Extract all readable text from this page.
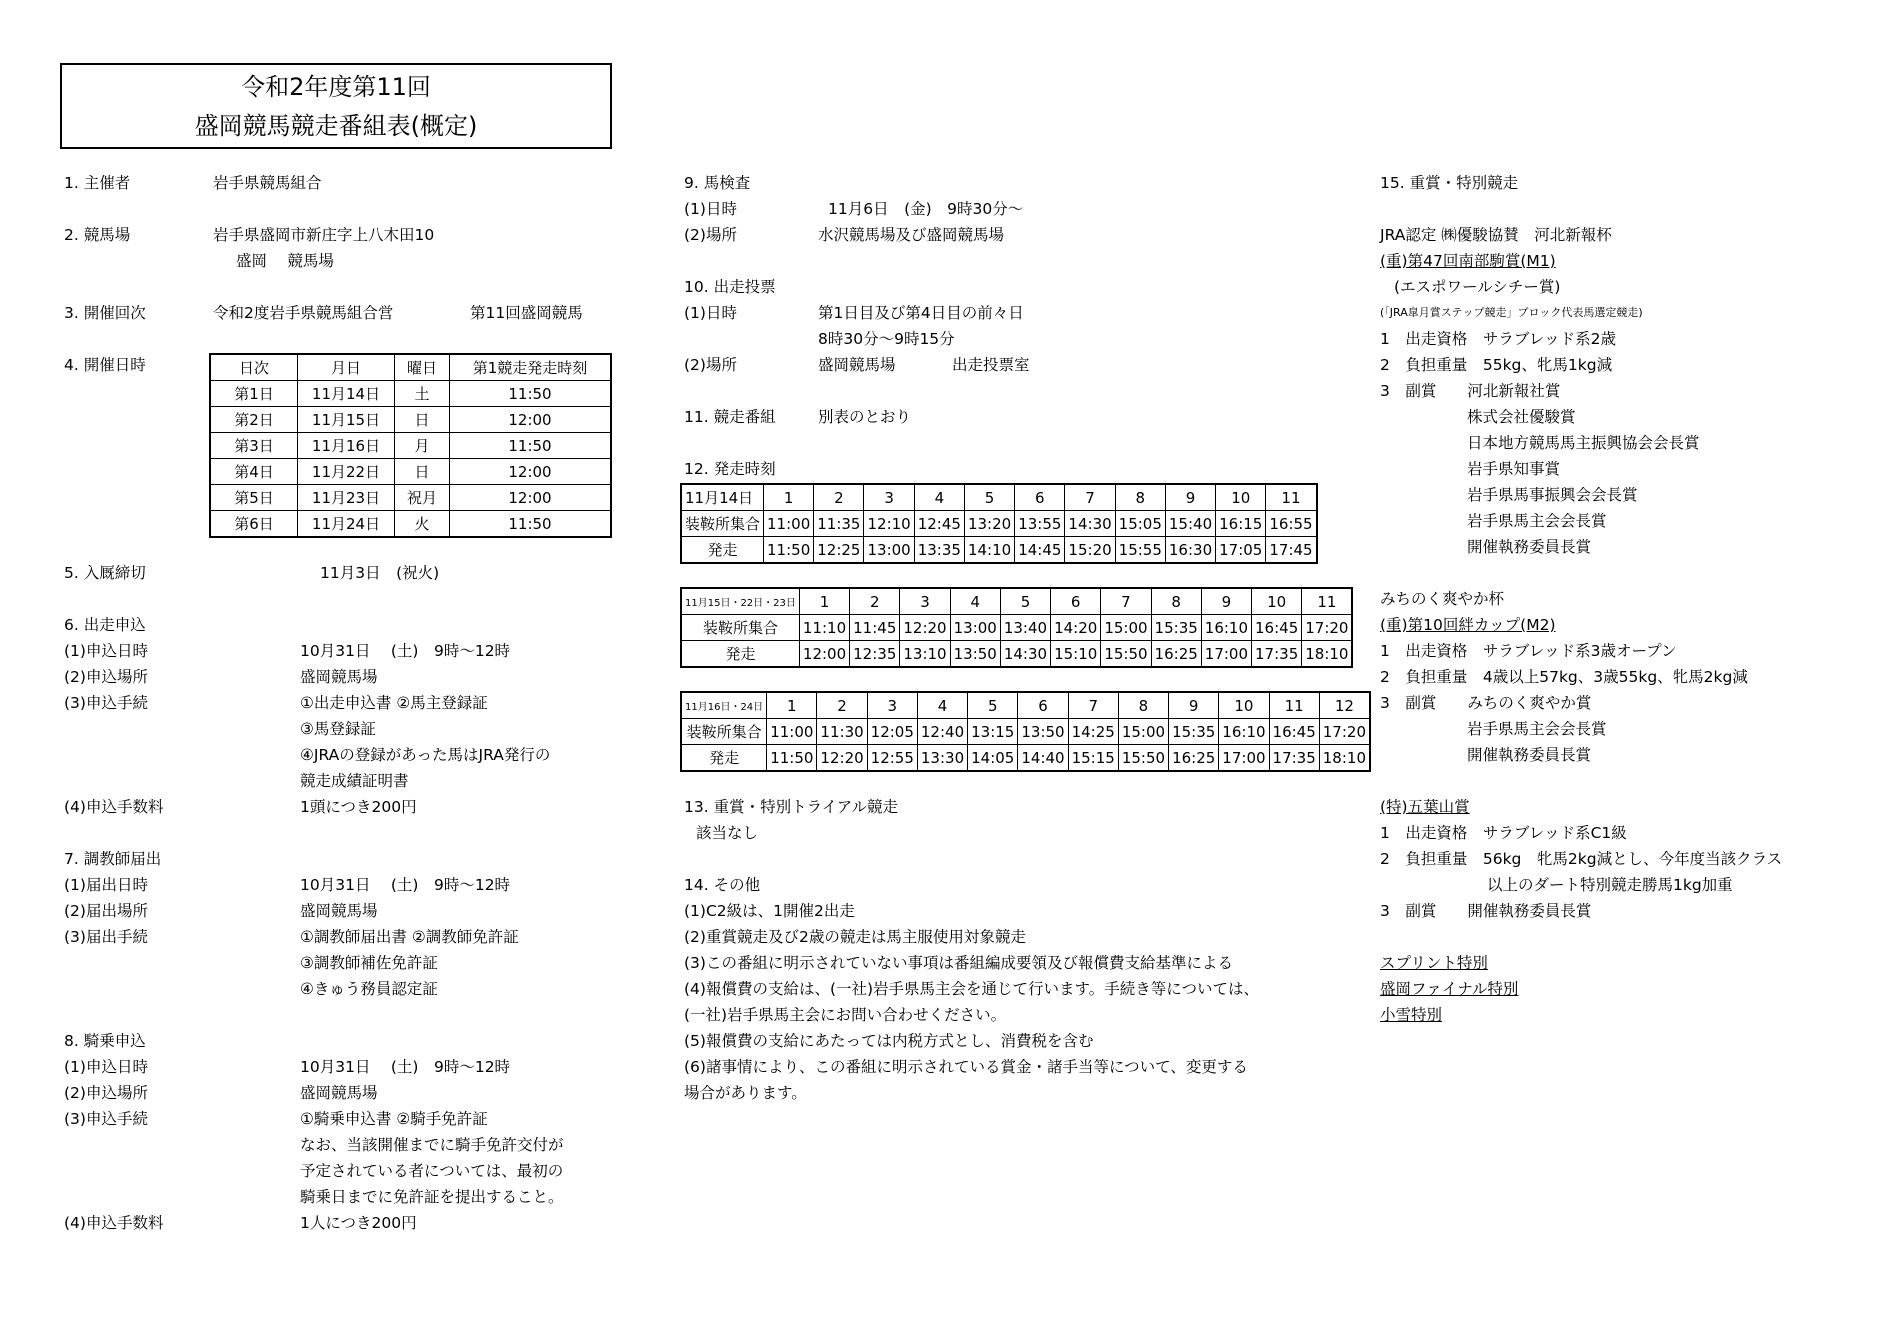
令和2年度第11回
盛岡競馬競走番組表(概定)
1. 主催者	岩手県競馬組合
2. 競馬場	岩手県盛岡市新庄字上八木田10
盛岡　 競馬場
3. 開催回次	令和2度岩手県競馬組合営	第11回盛岡競馬
4. 開催日時	日次	月日	曜日	第1競走発走時刻
第1日	11月14日	土	11:50
第2日	11月15日	日	12:00
第3日	11月16日	月	11:50
第4日	11月22日	日	12:00
第5日	11月23日	祝月	12:00
第6日	11月24日	火	11:50
5. 入厩締切	11月3日　(祝火)
6. 出走申込
(1)申込日時	10月31日　 (土)　9時～12時
(2)申込場所	盛岡競馬場
(3)申込手続	①出走申込書 ②馬主登録証
③馬登録証
④JRAの登録があった馬はJRA発行の
競走成績証明書
(4)申込手数料	1頭につき200円
7. 調教師届出
(1)届出日時	10月31日　 (土)　9時～12時
(2)届出場所	盛岡競馬場
(3)届出手続	①調教師届出書 ②調教師免許証
③調教師補佐免許証
④きゅう務員認定証
8. 騎乗申込
(1)申込日時	10月31日　 (土)　9時～12時
(2)申込場所	盛岡競馬場
(3)申込手続	①騎乗申込書 ②騎手免許証
なお、当該開催までに騎手免許交付が
予定されている者については、最初の
騎乗日までに免許証を提出すること。
(4)申込手数料	1人につき200円
9. 馬検査
(1)日時	11月6日　(金)　9時30分～
(2)場所	水沢競馬場及び盛岡競馬場
10. 出走投票
(1)日時	第1日目及び第4日目の前々日
8時30分～9時15分
(2)場所	盛岡競馬場	出走投票室
11. 競走番組	別表のとおり
12. 発走時刻
11月14日	1	2	3	4	5	6	7	8	9	10	11
装鞍所集合	11:00	11:35	12:10	12:45	13:20	13:55	14:30	15:05	15:40	16:15	16:55
発走	11:50	12:25	13:00	13:35	14:10	14:45	15:20	15:55	16:30	17:05	17:45
11月15日・22日・23日	1	2	3	4	5	6	7	8	9	10	11
装鞍所集合	11:10	11:45	12:20	13:00	13:40	14:20	15:00	15:35	16:10	16:45	17:20
発走	12:00	12:35	13:10	13:50	14:30	15:10	15:50	16:25	17:00	17:35	18:10
11月16日・24日	1	2	3	4	5	6	7	8	9	10	11	12
装鞍所集合	11:00	11:30	12:05	12:40	13:15	13:50	14:25	15:00	15:35	16:10	16:45	17:20
発走	11:50	12:20	12:55	13:30	14:05	14:40	15:15	15:50	16:25	17:00	17:35	18:10
13. 重賞・特別トライアル競走
該当なし
14. その他
(1)C2級は、1開催2出走
(2)重賞競走及び2歳の競走は馬主服使用対象競走
(3)この番組に明示されていない事項は番組編成要領及び報償費支給基準による
(4)報償費の支給は、(一社)岩手県馬主会を通じて行います。手続き等については、
(一社)岩手県馬主会にお問い合わせください。
(5)報償費の支給にあたっては内税方式とし、消費税を含む
(6)諸事情により、この番組に明示されている賞金・諸手当等について、変更する
場合があります。
15. 重賞・特別競走
JRA認定 ㈱優駿協賛　河北新報杯
(重)第47回南部駒賞(M1)
(エスポワールシチー賞)
(「JRA皐月賞ステップ競走」ブロック代表馬選定競走)
1　出走資格　サラブレッド系2歳
2　負担重量　55kg、牝馬1kg減
3　副賞　　河北新報社賞
株式会社優駿賞
日本地方競馬馬主振興協会会長賞
岩手県知事賞
岩手県馬事振興会会長賞
岩手県馬主会会長賞
開催執務委員長賞
みちのく爽やか杯
(重)第10回絆カップ(M2)
1　出走資格　サラブレッド系3歳オープン
2　負担重量　4歳以上57kg、3歳55kg、牝馬2kg減
3　副賞　　みちのく爽やか賞
岩手県馬主会会長賞
開催執務委員長賞
(特)五葉山賞
1　出走資格　サラブレッド系C1級
2　負担重量　56kg　牝馬2kg減とし、今年度当該クラス
以上のダート特別競走勝馬1kg加重
3　副賞　　開催執務委員長賞
スプリント特別
盛岡ファイナル特別
小雪特別
